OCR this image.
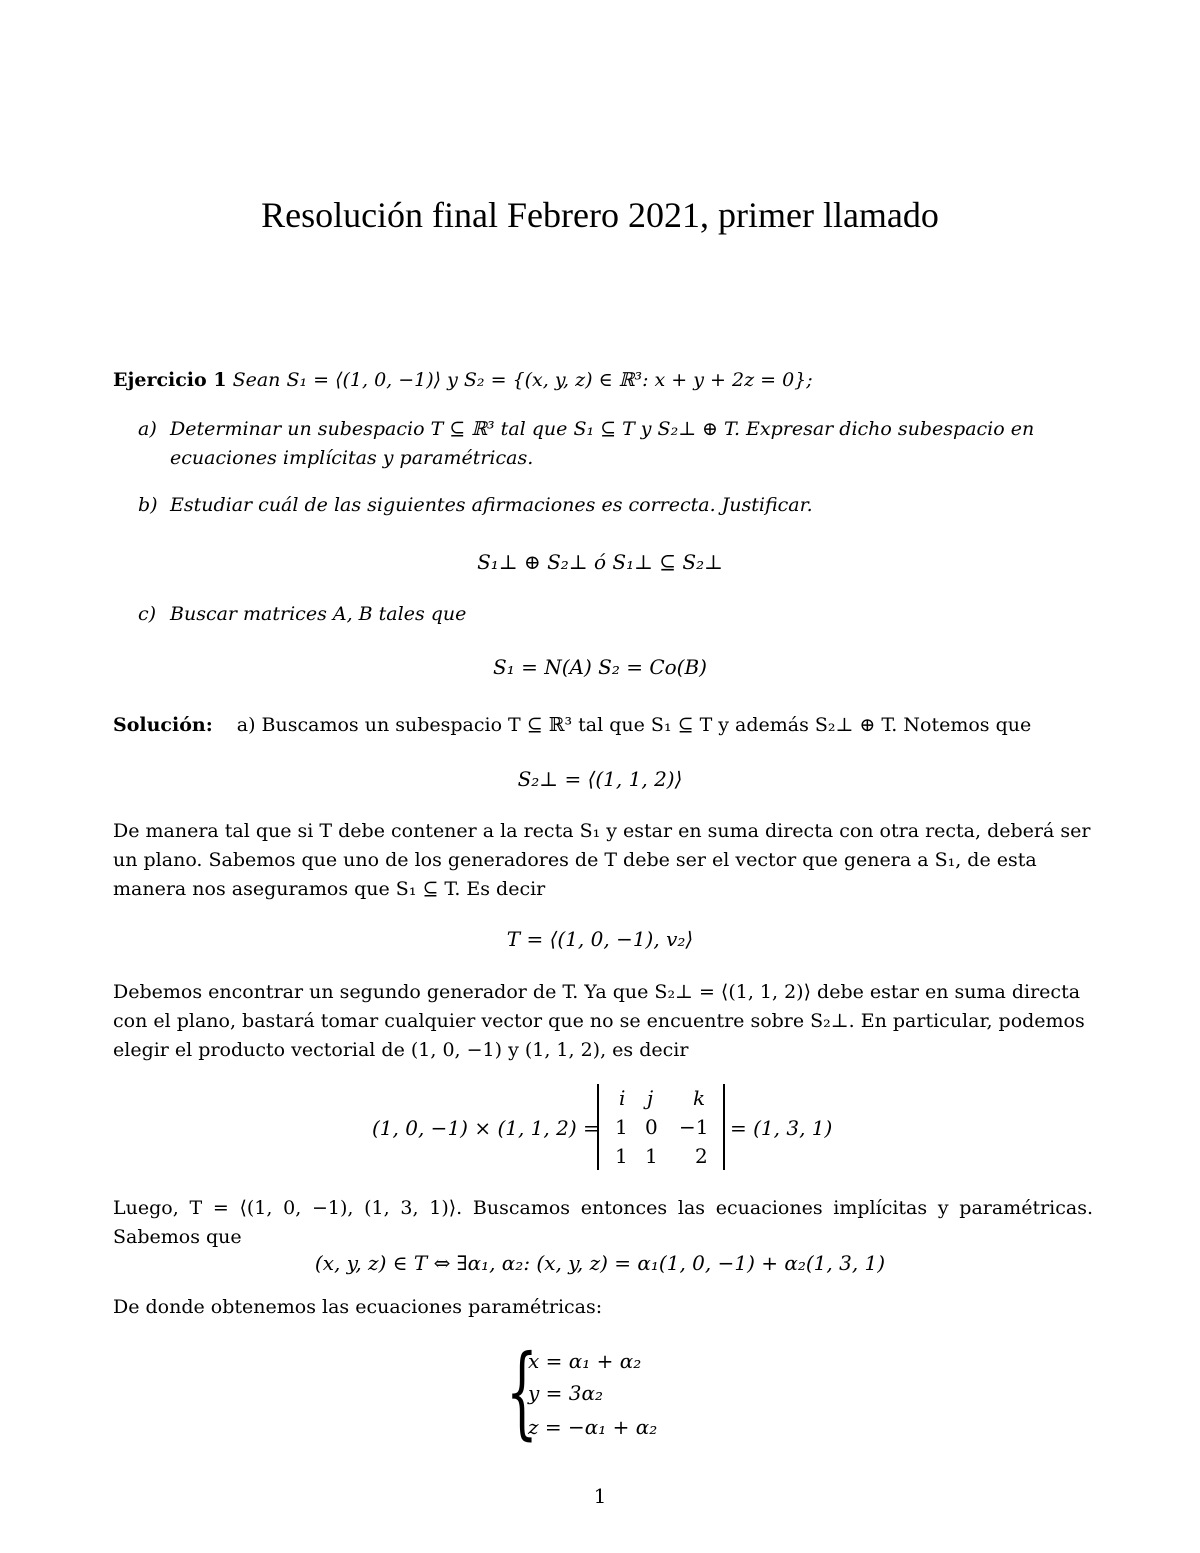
Resolución final Febrero 2021, primer llamado
Ejercicio 1 Sean S₁ = ⟨(1, 0, −1)⟩ y S₂ = {(x, y, z) ∈ ℝ³: x + y + 2z = 0};
a) Determinar un subespacio T ⊆ ℝ³ tal que S₁ ⊆ T y S₂⊥ ⊕ T. Expresar dicho subespacio en
ecuaciones implícitas y paramétricas.
b) Estudiar cuál de las siguientes afirmaciones es correcta. Justificar.
S₁⊥ ⊕ S₂⊥ ó S₁⊥ ⊆ S₂⊥
c) Buscar matrices A, B tales que
S₁ = N(A) S₂ = Co(B)
Solución: a) Buscamos un subespacio T ⊆ ℝ³ tal que S₁ ⊆ T y además S₂⊥ ⊕ T. Notemos que
S₂⊥ = ⟨(1, 1, 2)⟩
De manera tal que si T debe contener a la recta S₁ y estar en suma directa con otra recta, deberá ser un plano. Sabemos que uno de los generadores de T debe ser el vector que genera a S₁, de esta manera nos aseguramos que S₁ ⊆ T. Es decir
T = ⟨(1, 0, −1), v₂⟩
Debemos encontrar un segundo generador de T. Ya que S₂⊥ = ⟨(1, 1, 2)⟩ debe estar en suma directa con el plano, bastará tomar cualquier vector que no se encuentre sobre S₂⊥. En particular, podemos elegir el producto vectorial de (1, 0, −1) y (1, 1, 2), es decir
(1, 0, −1) × (1, 1, 2) =
i j k
1 0 −1
1 1 2
= (1, 3, 1)
Luego, T = ⟨(1, 0, −1), (1, 3, 1)⟩. Buscamos entonces las ecuaciones implícitas y paramétricas. Sabemos que
(x, y, z) ∈ T ⇔ ∃α₁, α₂: (x, y, z) = α₁(1, 0, −1) + α₂(1, 3, 1)
De donde obtenemos las ecuaciones paramétricas:
{
x = α₁ + α₂
y = 3α₂
z = −α₁ + α₂
1
